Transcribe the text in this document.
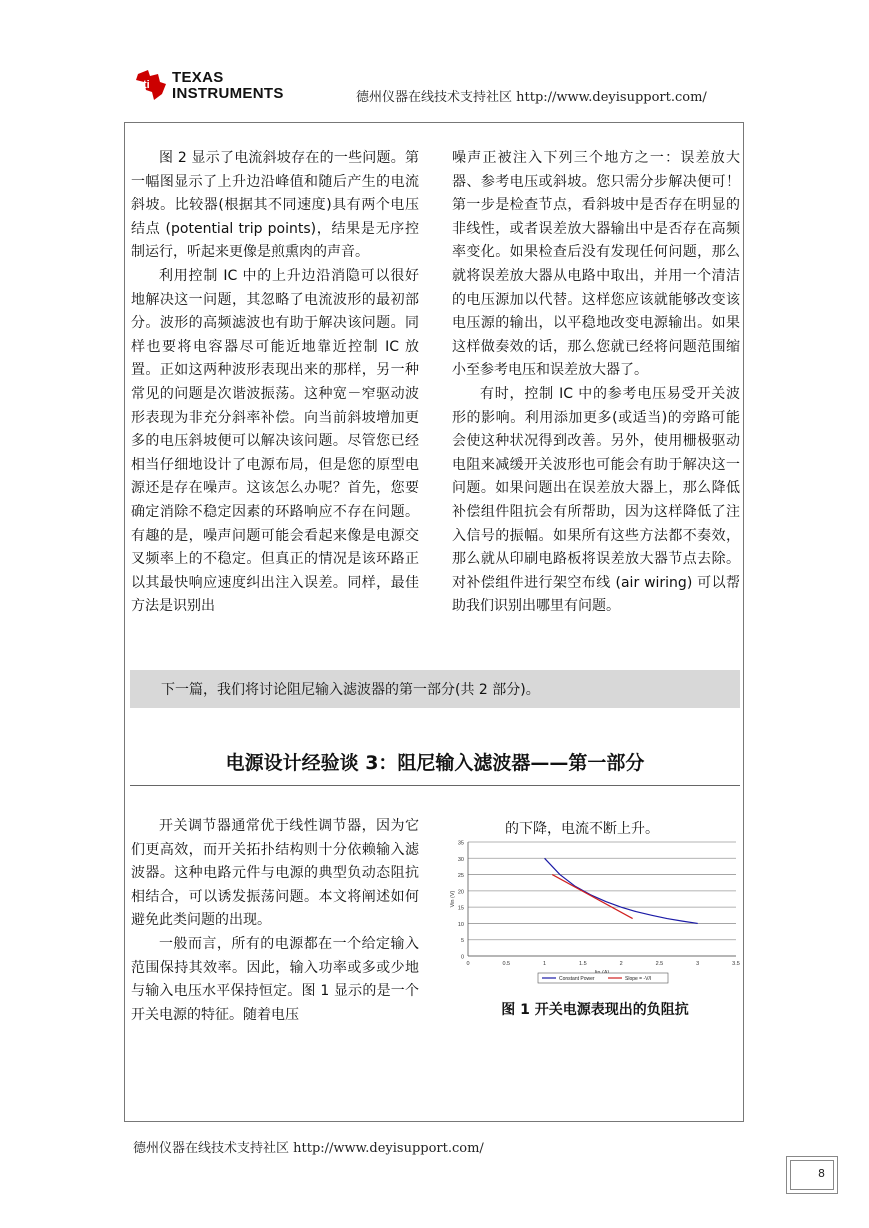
ti TEXAS
INSTRUMENTS	德州仪器在线技术支持社区 http://www.deyisupport.com/

图 2 显示了电流斜坡存在的一些问题。第一幅图显示了上升边沿峰值和随后产生的电流斜坡。比较器(根据其不同速度)具有两个电压结点 (potential trip points)，结果是无序控制运行，听起来更像是煎熏肉的声音。

利用控制 IC 中的上升边沿消隐可以很好地解决这一问题，其忽略了电流波形的最初部分。波形的高频滤波也有助于解决该问题。同样也要将电容器尽可能近地靠近控制 IC 放置。正如这两种波形表现出来的那样，另一种常见的问题是次谐波振荡。这种宽－窄驱动波形表现为非充分斜率补偿。向当前斜坡增加更多的电压斜坡便可以解决该问题。尽管您已经相当仔细地设计了电源布局，但是您的原型电源还是存在噪声。这该怎么办呢？首先，您要确定消除不稳定因素的环路响应不存在问题。有趣的是，噪声问题可能会看起来像是电源交叉频率上的不稳定。但真正的情况是该环路正以其最快响应速度纠出注入误差。同样，最佳方法是识别出

噪声正被注入下列三个地方之一：误差放大器、参考电压或斜坡。您只需分步解决便可！第一步是检查节点，看斜坡中是否存在明显的非线性，或者误差放大器输出中是否存在高频率变化。如果检查后没有发现任何问题，那么就将误差放大器从电路中取出，并用一个清洁的电压源加以代替。这样您应该就能够改变该电压源的输出，以平稳地改变电源输出。如果这样做奏效的话，那么您就已经将问题范围缩小至参考电压和误差放大器了。

有时，控制 IC 中的参考电压易受开关波形的影响。利用添加更多(或适当)的旁路可能会使这种状况得到改善。另外，使用栅极驱动电阻来减缓开关波形也可能会有助于解决这一问题。如果问题出在误差放大器上，那么降低补偿组件阻抗会有所帮助，因为这样降低了注入信号的振幅。如果所有这些方法都不奏效，那么就从印刷电路板将误差放大器节点去除。对补偿组件进行架空布线 (air wiring) 可以帮助我们识别出哪里有问题。

下一篇，我们将讨论阻尼输入滤波器的第一部分(共 2 部分)。
电源设计经验谈 3：阻尼输入滤波器——第一部分

开关调节器通常优于线性调节器，因为它们更高效，而开关拓扑结构则十分依赖输入滤波器。这种电路元件与电源的典型负动态阻抗相结合，可以诱发振荡问题。本文将阐述如何避免此类问题的出现。

一般而言，所有的电源都在一个给定输入范围保持其效率。因此，输入功率或多或少地与输入电压水平保持恒定。图 1 显示的是一个开关电源的特征。随着电压

的下降，电流不断上升。
0
5
10
15
20
25
30
35
0	0.5	1	1.5	2	2.5	3	3.5
Vin (V)
Constant Power	Slope = -V/I
图 1 开关电源表现出的负阻抗
德州仪器在线技术支持社区 http://www.deyisupport.com/
8
